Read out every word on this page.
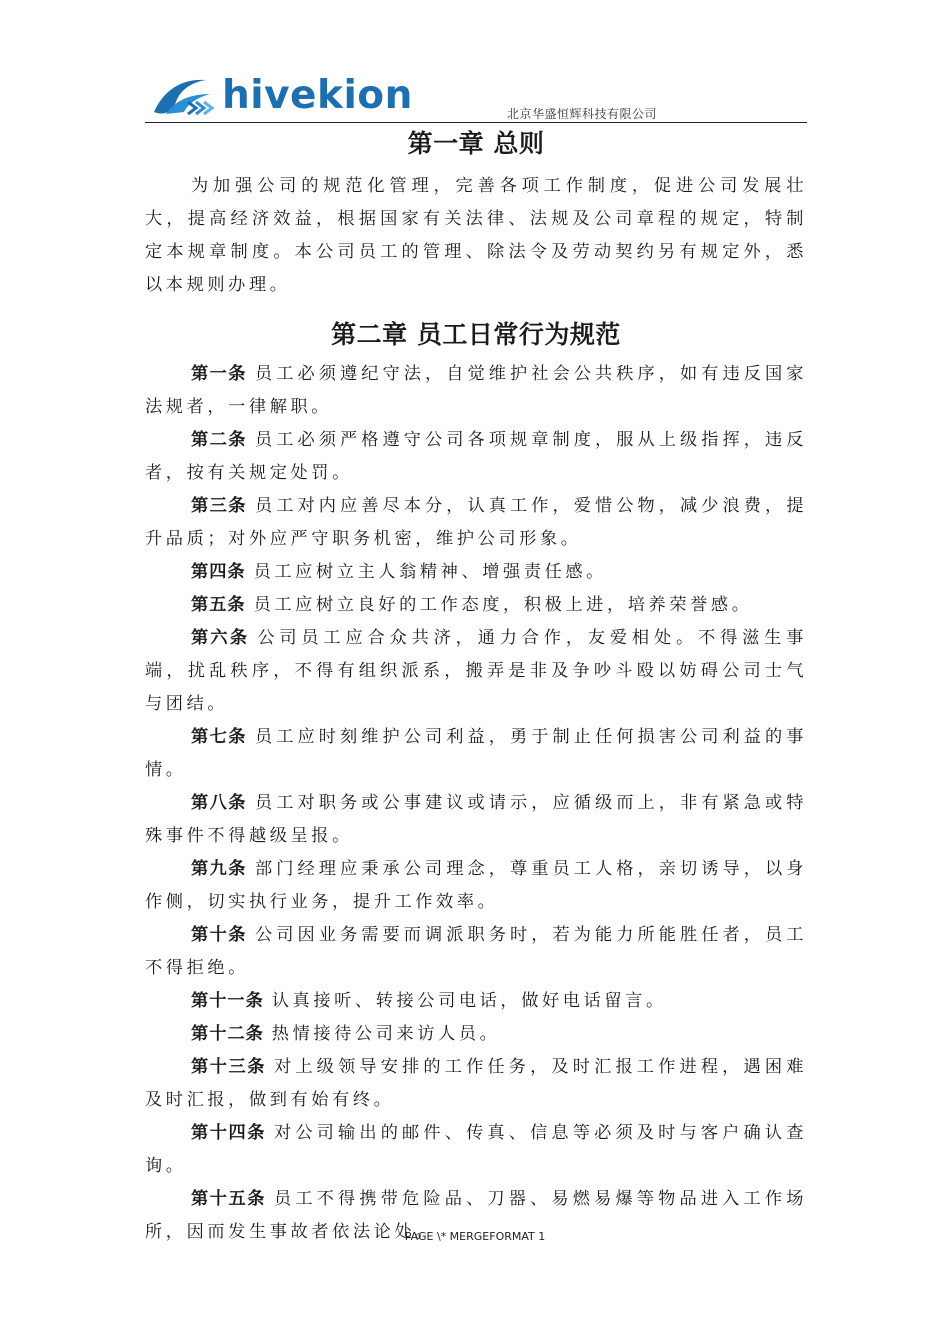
hivekion	北京华盛恒辉科技有限公司
第一章 总则

为加强公司的规范化管理，完善各项工作制度，促进公司发展壮大，提高经济效益，根据国家有关法律、法规及公司章程的规定，特制定本规章制度。本公司员工的管理、除法令及劳动契约另有规定外，悉以本规则办理。

第二章 员工日常行为规范

第一条 员工必须遵纪守法，自觉维护社会公共秩序，如有违反国家法规者，一律解职。

第二条 员工必须严格遵守公司各项规章制度，服从上级指挥，违反者，按有关规定处罚。

第三条 员工对内应善尽本分，认真工作，爱惜公物，减少浪费，提升品质；对外应严守职务机密，维护公司形象。

第四条 员工应树立主人翁精神、增强责任感。

第五条 员工应树立良好的工作态度，积极上进，培养荣誉感。

第六条 公司员工应合众共济，通力合作，友爱相处。不得滋生事端，扰乱秩序，不得有组织派系，搬弄是非及争吵斗殴以妨碍公司士气与团结。

第七条 员工应时刻维护公司利益，勇于制止任何损害公司利益的事情。

第八条 员工对职务或公事建议或请示，应循级而上，非有紧急或特殊事件不得越级呈报。

第九条 部门经理应秉承公司理念，尊重员工人格，亲切诱导，以身作侧，切实执行业务，提升工作效率。

第十条 公司因业务需要而调派职务时，若为能力所能胜任者，员工不得拒绝。

第十一条 认真接听、转接公司电话，做好电话留言。

第十二条 热情接待公司来访人员。

第十三条 对上级领导安排的工作任务，及时汇报工作进程，遇困难及时汇报，做到有始有终。

第十四条 对公司输出的邮件、传真、信息等必须及时与客户确认查询。

第十五条 员工不得携带危险品、刀器、易燃易爆等物品进入工作场所，因而发生事故者依法论处。

PAGE \* MERGEFORMAT 1
